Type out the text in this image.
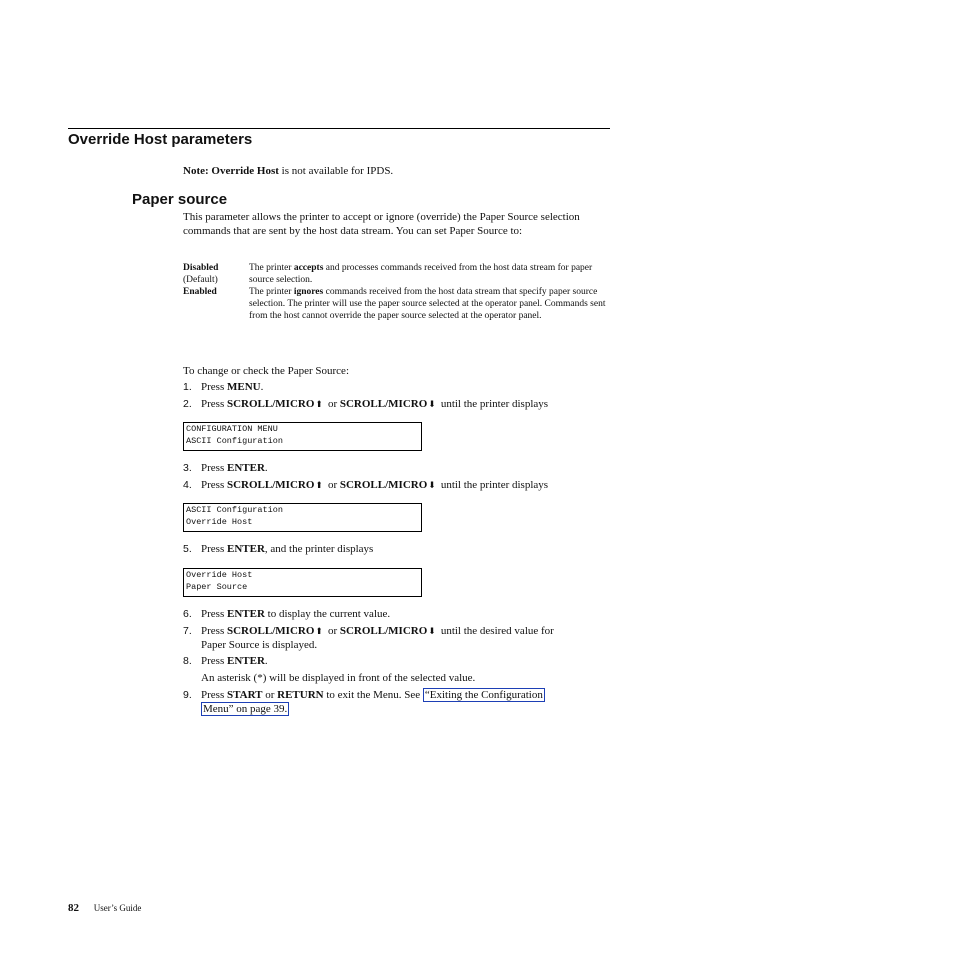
Override Host parameters
Note: Override Host is not available for IPDS.
Paper source
This parameter allows the printer to accept or ignore (override) the Paper Source selection commands that are sent by the host data stream. You can set Paper Source to:
Disabled
(Default)
The printer accepts and processes commands received from the host data stream for paper source selection.
Enabled	The printer ignores commands received from the host data stream that specify paper source selection. The printer will use the paper source selected at the operator panel. Commands sent from the host cannot override the paper source selected at the operator panel.
To change or check the Paper Source:
1. Press MENU.
2. Press SCROLL/MICRO⬆ or SCROLL/MICRO⬇ until the printer displays
CONFIGURATION MENU
ASCII Configuration
3. Press ENTER.
4. Press SCROLL/MICRO⬆ or SCROLL/MICRO⬇ until the printer displays
ASCII Configuration
Override Host
5. Press ENTER, and the printer displays
Override Host
Paper Source
6. Press ENTER to display the current value.
7. Press SCROLL/MICRO⬆ or SCROLL/MICRO⬇ until the desired value for
Paper Source is displayed.
8. Press ENTER.
An asterisk (*) will be displayed in front of the selected value.
9. Press START or RETURN to exit the Menu. See “Exiting the Configuration
Menu” on page 39.
82 User’s Guide
